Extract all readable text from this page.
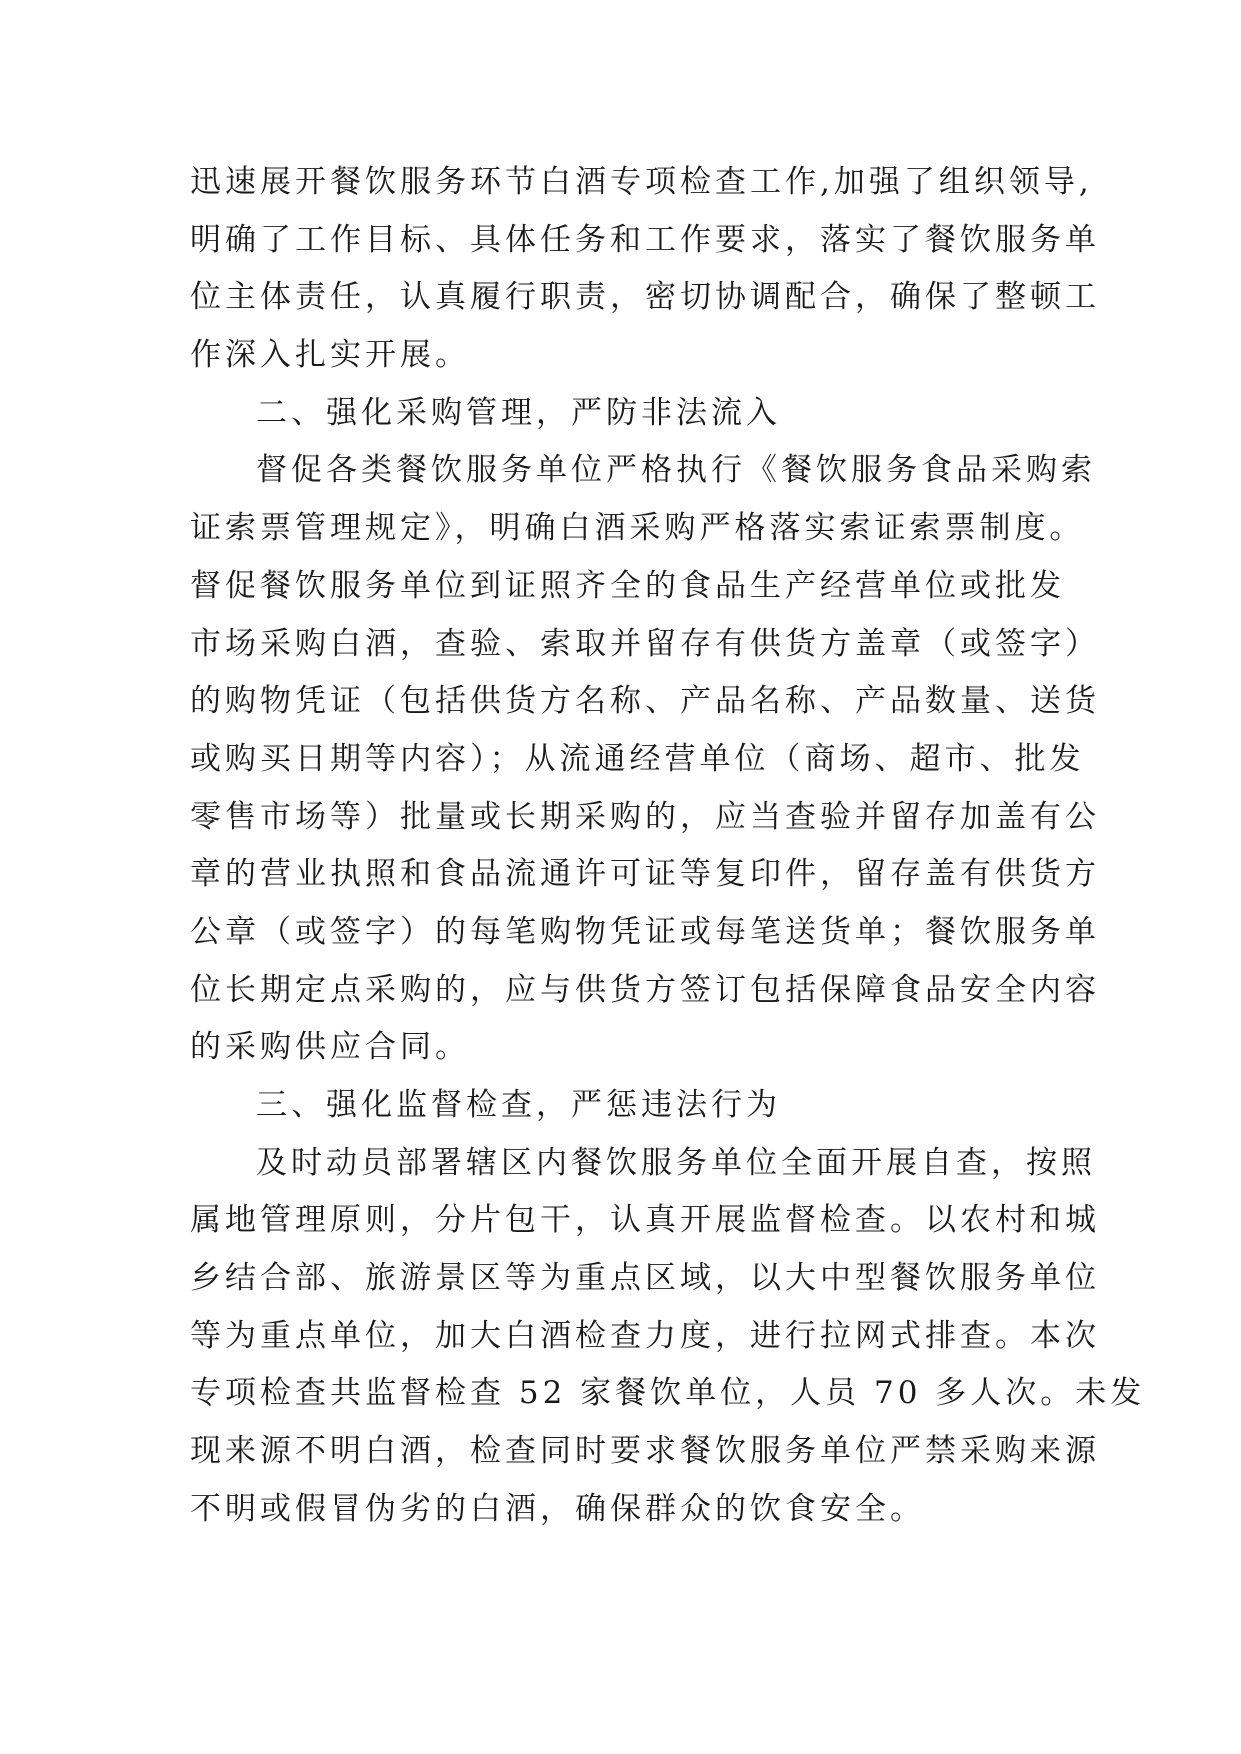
迅速展开餐饮服务环节白酒专项检查工作,加强了组织领导,

明确了工作目标、具体任务和工作要求，落实了餐饮服务单

位主体责任，认真履行职责，密切协调配合，确保了整顿工

作深入扎实开展。

二、强化采购管理，严防非法流入

督促各类餐饮服务单位严格执行《餐饮服务食品采购索

证索票管理规定》，明确白酒采购严格落实索证索票制度。

督促餐饮服务单位到证照齐全的食品生产经营单位或批发

市场采购白酒，查验、索取并留存有供货方盖章（或签字）

的购物凭证（包括供货方名称、产品名称、产品数量、送货

或购买日期等内容）；从流通经营单位（商场、超市、批发

零售市场等）批量或长期采购的，应当查验并留存加盖有公

章的营业执照和食品流通许可证等复印件，留存盖有供货方

公章（或签字）的每笔购物凭证或每笔送货单；餐饮服务单

位长期定点采购的，应与供货方签订包括保障食品安全内容

的采购供应合同。

三、强化监督检查，严惩违法行为

及时动员部署辖区内餐饮服务单位全面开展自查，按照

属地管理原则，分片包干，认真开展监督检查。以农村和城

乡结合部、旅游景区等为重点区域，以大中型餐饮服务单位

等为重点单位，加大白酒检查力度，进行拉网式排查。本次

专项检查共监督检查 52 家餐饮单位，人员 70 多人次。未发

现来源不明白酒，检查同时要求餐饮服务单位严禁采购来源

不明或假冒伪劣的白酒，确保群众的饮食安全。
